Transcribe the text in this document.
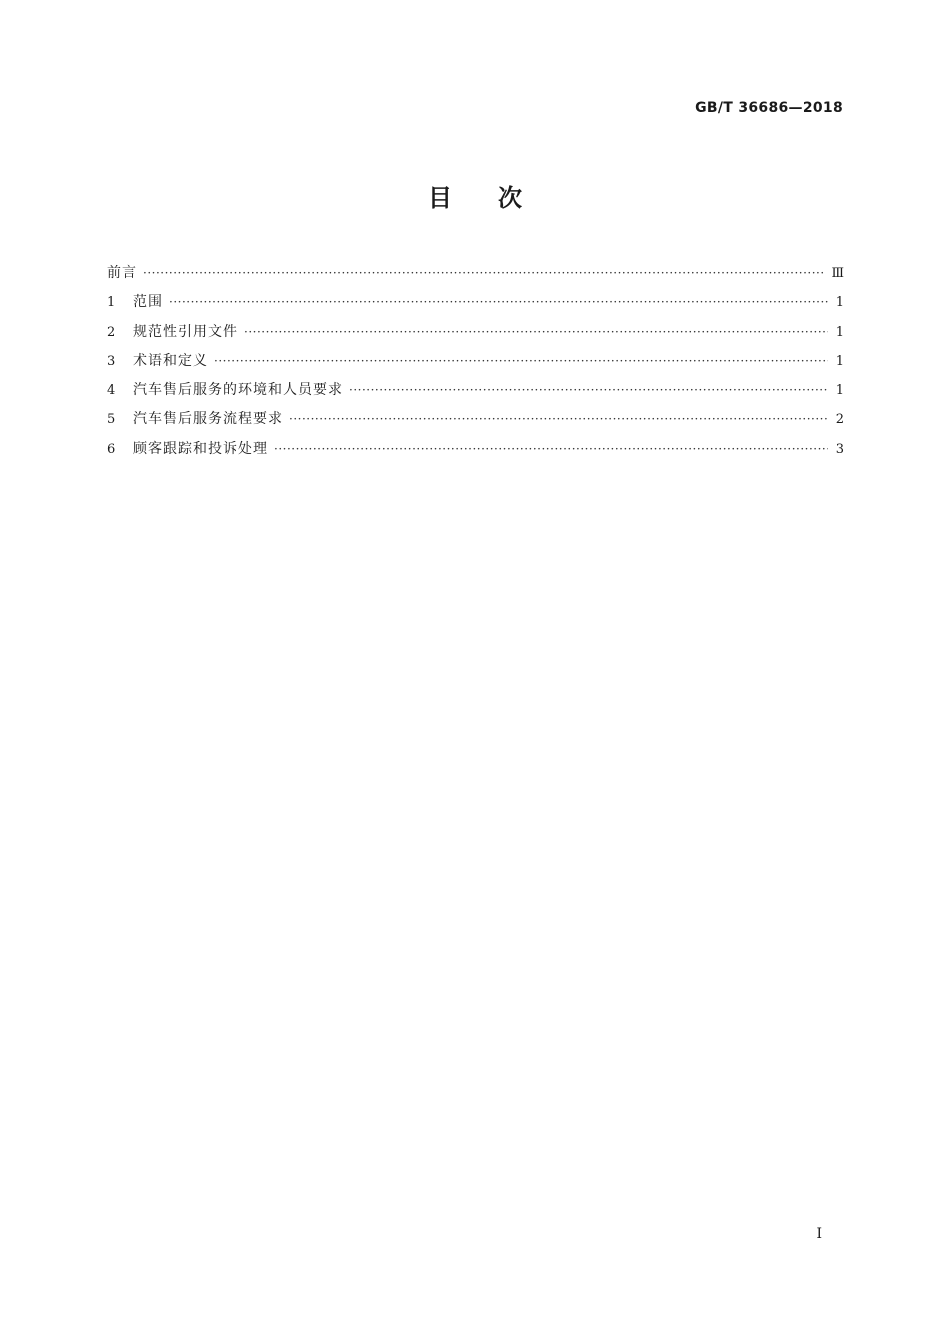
GB/T 36686—2018
目次
前言 ·····	Ⅲ
1	范围 ·····	1
2	规范性引用文件 ·····	1
3	术语和定义 ·····	1
4	汽车售后服务的环境和人员要求 ·····	1
5	汽车售后服务流程要求 ·····	2
6	顾客跟踪和投诉处理 ·····	3
I
